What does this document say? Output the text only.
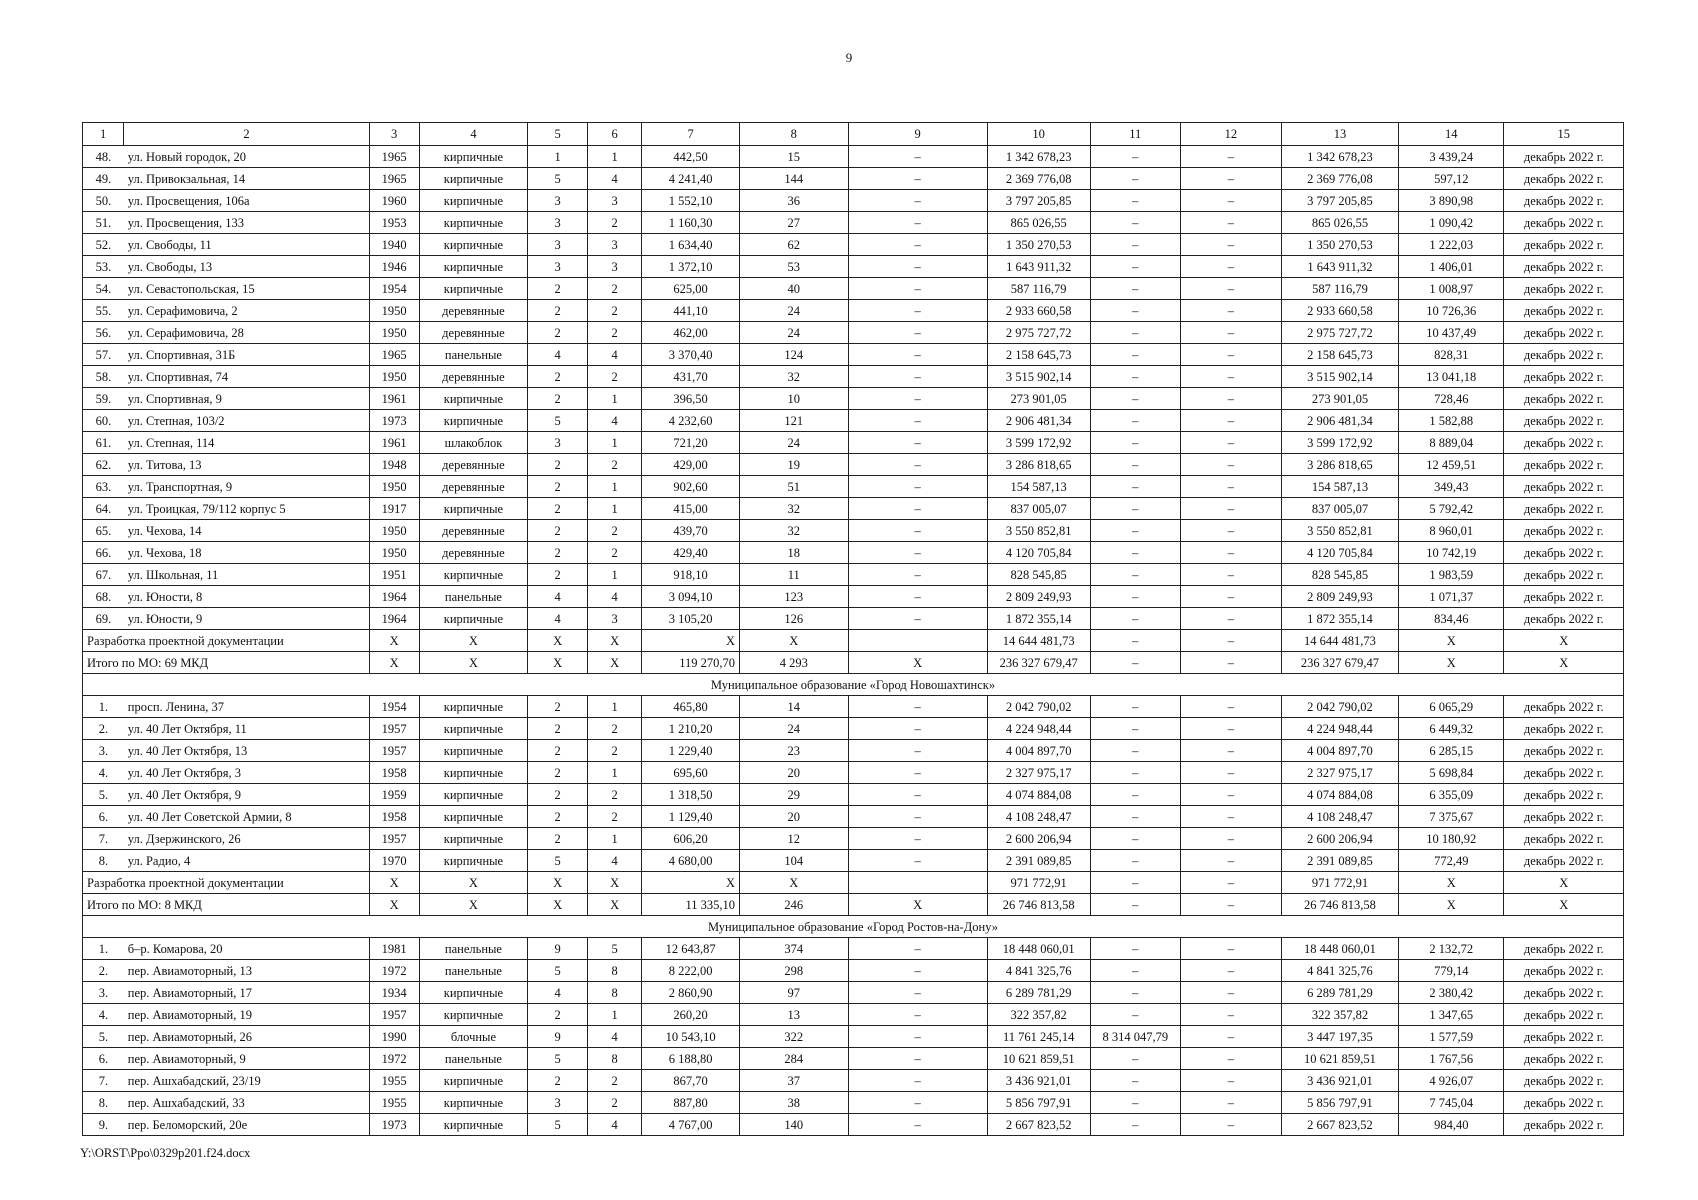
9
1	2	3	4	5	6	7	8	9	10	11	12	13	14	15
48.	ул. Новый городок, 20	1965	кирпичные	1	1	442,50	15	–	1 342 678,23	–	–	1 342 678,23	3 439,24	декабрь 2022 г.
49.	ул. Привокзальная, 14	1965	кирпичные	5	4	4 241,40	144	–	2 369 776,08	–	–	2 369 776,08	597,12	декабрь 2022 г.
50.	ул. Просвещения, 106а	1960	кирпичные	3	3	1 552,10	36	–	3 797 205,85	–	–	3 797 205,85	3 890,98	декабрь 2022 г.
51.	ул. Просвещения, 133	1953	кирпичные	3	2	1 160,30	27	–	865 026,55	–	–	865 026,55	1 090,42	декабрь 2022 г.
52.	ул. Свободы, 11	1940	кирпичные	3	3	1 634,40	62	–	1 350 270,53	–	–	1 350 270,53	1 222,03	декабрь 2022 г.
53.	ул. Свободы, 13	1946	кирпичные	3	3	1 372,10	53	–	1 643 911,32	–	–	1 643 911,32	1 406,01	декабрь 2022 г.
54.	ул. Севастопольская, 15	1954	кирпичные	2	2	625,00	40	–	587 116,79	–	–	587 116,79	1 008,97	декабрь 2022 г.
55.	ул. Серафимовича, 2	1950	деревянные	2	2	441,10	24	–	2 933 660,58	–	–	2 933 660,58	10 726,36	декабрь 2022 г.
56.	ул. Серафимовича, 28	1950	деревянные	2	2	462,00	24	–	2 975 727,72	–	–	2 975 727,72	10 437,49	декабрь 2022 г.
57.	ул. Спортивная, 31Б	1965	панельные	4	4	3 370,40	124	–	2 158 645,73	–	–	2 158 645,73	828,31	декабрь 2022 г.
58.	ул. Спортивная, 74	1950	деревянные	2	2	431,70	32	–	3 515 902,14	–	–	3 515 902,14	13 041,18	декабрь 2022 г.
59.	ул. Спортивная, 9	1961	кирпичные	2	1	396,50	10	–	273 901,05	–	–	273 901,05	728,46	декабрь 2022 г.
60.	ул. Степная, 103/2	1973	кирпичные	5	4	4 232,60	121	–	2 906 481,34	–	–	2 906 481,34	1 582,88	декабрь 2022 г.
61.	ул. Степная, 114	1961	шлакоблок	3	1	721,20	24	–	3 599 172,92	–	–	3 599 172,92	8 889,04	декабрь 2022 г.
62.	ул. Титова, 13	1948	деревянные	2	2	429,00	19	–	3 286 818,65	–	–	3 286 818,65	12 459,51	декабрь 2022 г.
63.	ул. Транспортная, 9	1950	деревянные	2	1	902,60	51	–	154 587,13	–	–	154 587,13	349,43	декабрь 2022 г.
64.	ул. Троицкая, 79/112 корпус 5	1917	кирпичные	2	1	415,00	32	–	837 005,07	–	–	837 005,07	5 792,42	декабрь 2022 г.
65.	ул. Чехова, 14	1950	деревянные	2	2	439,70	32	–	3 550 852,81	–	–	3 550 852,81	8 960,01	декабрь 2022 г.
66.	ул. Чехова, 18	1950	деревянные	2	2	429,40	18	–	4 120 705,84	–	–	4 120 705,84	10 742,19	декабрь 2022 г.
67.	ул. Школьная, 11	1951	кирпичные	2	1	918,10	11	–	828 545,85	–	–	828 545,85	1 983,59	декабрь 2022 г.
68.	ул. Юности, 8	1964	панельные	4	4	3 094,10	123	–	2 809 249,93	–	–	2 809 249,93	1 071,37	декабрь 2022 г.
69.	ул. Юности, 9	1964	кирпичные	4	3	3 105,20	126	–	1 872 355,14	–	–	1 872 355,14	834,46	декабрь 2022 г.
Разработка проектной документации		X	X	X	X	X	X		14 644 481,73	–	–	14 644 481,73	X	X
Итого по МО: 69 МКД		X	X	X	X	119 270,70	4 293	X	236 327 679,47	–	–	236 327 679,47	X	X
Муниципальное образование «Город Новошахтинск»														
1.	просп. Ленина, 37	1954	кирпичные	2	1	465,80	14	–	2 042 790,02	–	–	2 042 790,02	6 065,29	декабрь 2022 г.
2.	ул. 40 Лет Октября, 11	1957	кирпичные	2	2	1 210,20	24	–	4 224 948,44	–	–	4 224 948,44	6 449,32	декабрь 2022 г.
3.	ул. 40 Лет Октября, 13	1957	кирпичные	2	2	1 229,40	23	–	4 004 897,70	–	–	4 004 897,70	6 285,15	декабрь 2022 г.
4.	ул. 40 Лет Октября, 3	1958	кирпичные	2	1	695,60	20	–	2 327 975,17	–	–	2 327 975,17	5 698,84	декабрь 2022 г.
5.	ул. 40 Лет Октября, 9	1959	кирпичные	2	2	1 318,50	29	–	4 074 884,08	–	–	4 074 884,08	6 355,09	декабрь 2022 г.
6.	ул. 40 Лет Советской Армии, 8	1958	кирпичные	2	2	1 129,40	20	–	4 108 248,47	–	–	4 108 248,47	7 375,67	декабрь 2022 г.
7.	ул. Дзержинского, 26	1957	кирпичные	2	1	606,20	12	–	2 600 206,94	–	–	2 600 206,94	10 180,92	декабрь 2022 г.
8.	ул. Радио, 4	1970	кирпичные	5	4	4 680,00	104	–	2 391 089,85	–	–	2 391 089,85	772,49	декабрь 2022 г.
Разработка проектной документации		X	X	X	X	X	X		971 772,91	–	–	971 772,91	X	X
Итого по МО: 8 МКД		X	X	X	X	11 335,10	246	X	26 746 813,58	–	–	26 746 813,58	X	X
Муниципальное образование «Город Ростов-на-Дону»														
1.	б–р. Комарова, 20	1981	панельные	9	5	12 643,87	374	–	18 448 060,01	–	–	18 448 060,01	2 132,72	декабрь 2022 г.
2.	пер. Авиамоторный, 13	1972	панельные	5	8	8 222,00	298	–	4 841 325,76	–	–	4 841 325,76	779,14	декабрь 2022 г.
3.	пер. Авиамоторный, 17	1934	кирпичные	4	8	2 860,90	97	–	6 289 781,29	–	–	6 289 781,29	2 380,42	декабрь 2022 г.
4.	пер. Авиамоторный, 19	1957	кирпичные	2	1	260,20	13	–	322 357,82	–	–	322 357,82	1 347,65	декабрь 2022 г.
5.	пер. Авиамоторный, 26	1990	блочные	9	4	10 543,10	322	–	11 761 245,14	8 314 047,79	–	3 447 197,35	1 577,59	декабрь 2022 г.
6.	пер. Авиамоторный, 9	1972	панельные	5	8	6 188,80	284	–	10 621 859,51	–	–	10 621 859,51	1 767,56	декабрь 2022 г.
7.	пер. Ашхабадский, 23/19	1955	кирпичные	2	2	867,70	37	–	3 436 921,01	–	–	3 436 921,01	4 926,07	декабрь 2022 г.
8.	пер. Ашхабадский, 33	1955	кирпичные	3	2	887,80	38	–	5 856 797,91	–	–	5 856 797,91	7 745,04	декабрь 2022 г.
9.	пер. Беломорский, 20е	1973	кирпичные	5	4	4 767,00	140	–	2 667 823,52	–	–	2 667 823,52	984,40	декабрь 2022 г.
Y:\ORST\Ppo\0329p201.f24.docx
